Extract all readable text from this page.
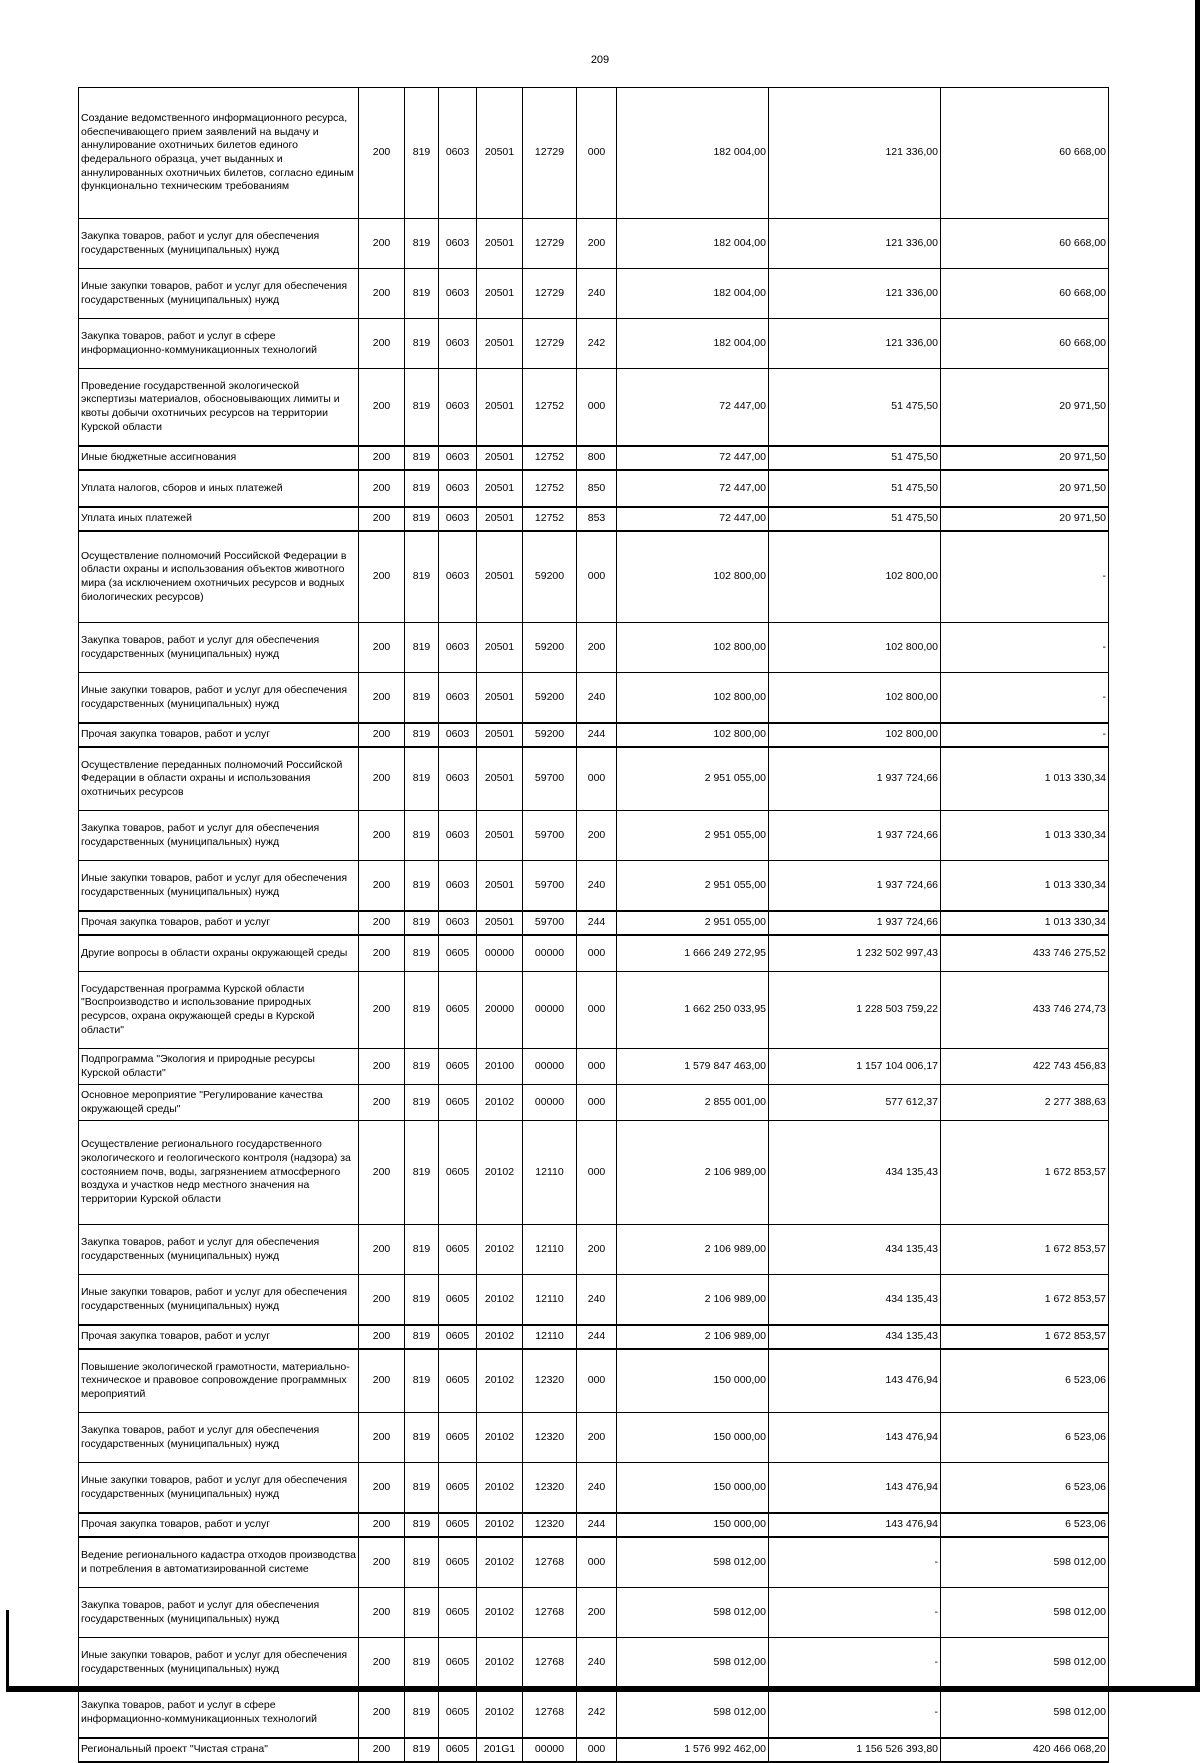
209
Создание ведомственного информационного ресурса, обеспечивающего прием заявлений на выдачу и аннулирование охотничьих билетов единого федерального образца, учет выданных и аннулированных охотничьих билетов, согласно единым функционально техническим требованиям	200	819	0603	20501	12729	000	182 004,00	121 336,00	60 668,00
Закупка товаров, работ и услуг для обеспечения государственных (муниципальных) нужд	200	819	0603	20501	12729	200	182 004,00	121 336,00	60 668,00
Иные закупки товаров, работ и услуг для обеспечения государственных (муниципальных) нужд	200	819	0603	20501	12729	240	182 004,00	121 336,00	60 668,00
Закупка товаров, работ и услуг в сфере информационно-коммуникационных технологий	200	819	0603	20501	12729	242	182 004,00	121 336,00	60 668,00
Проведение государственной экологической экспертизы материалов, обосновывающих лимиты и квоты добычи охотничьих ресурсов на территории Курской области	200	819	0603	20501	12752	000	72 447,00	51 475,50	20 971,50
Иные бюджетные ассигнования	200	819	0603	20501	12752	800	72 447,00	51 475,50	20 971,50
Уплата налогов, сборов и иных платежей	200	819	0603	20501	12752	850	72 447,00	51 475,50	20 971,50
Уплата иных платежей	200	819	0603	20501	12752	853	72 447,00	51 475,50	20 971,50
Осуществление полномочий Российской Федерации в области охраны и использования объектов животного мира (за исключением охотничьих ресурсов и водных биологических ресурсов)	200	819	0603	20501	59200	000	102 800,00	102 800,00	-
Закупка товаров, работ и услуг для обеспечения государственных (муниципальных) нужд	200	819	0603	20501	59200	200	102 800,00	102 800,00	-
Иные закупки товаров, работ и услуг для обеспечения государственных (муниципальных) нужд	200	819	0603	20501	59200	240	102 800,00	102 800,00	-
Прочая закупка товаров, работ и услуг	200	819	0603	20501	59200	244	102 800,00	102 800,00	-
Осуществление переданных полномочий Российской Федерации в области охраны и использования охотничьих ресурсов	200	819	0603	20501	59700	000	2 951 055,00	1 937 724,66	1 013 330,34
Закупка товаров, работ и услуг для обеспечения государственных (муниципальных) нужд	200	819	0603	20501	59700	200	2 951 055,00	1 937 724,66	1 013 330,34
Иные закупки товаров, работ и услуг для обеспечения государственных (муниципальных) нужд	200	819	0603	20501	59700	240	2 951 055,00	1 937 724,66	1 013 330,34
Прочая закупка товаров, работ и услуг	200	819	0603	20501	59700	244	2 951 055,00	1 937 724,66	1 013 330,34
Другие вопросы в области охраны окружающей среды	200	819	0605	00000	00000	000	1 666 249 272,95	1 232 502 997,43	433 746 275,52
Государственная программа Курской области "Воспроизводство и использование природных ресурсов, охрана окружающей среды в Курской области"	200	819	0605	20000	00000	000	1 662 250 033,95	1 228 503 759,22	433 746 274,73
Подпрограмма "Экология и природные ресурсы Курской области"	200	819	0605	20100	00000	000	1 579 847 463,00	1 157 104 006,17	422 743 456,83
Основное мероприятие "Регулирование качества окружающей среды"	200	819	0605	20102	00000	000	2 855 001,00	577 612,37	2 277 388,63
Осуществление регионального государственного экологического и геологического контроля (надзора) за состоянием почв, воды, загрязнением атмосферного воздуха и участков недр местного значения на территории Курской области	200	819	0605	20102	12110	000	2 106 989,00	434 135,43	1 672 853,57
Закупка товаров, работ и услуг для обеспечения государственных (муниципальных) нужд	200	819	0605	20102	12110	200	2 106 989,00	434 135,43	1 672 853,57
Иные закупки товаров, работ и услуг для обеспечения государственных (муниципальных) нужд	200	819	0605	20102	12110	240	2 106 989,00	434 135,43	1 672 853,57
Прочая закупка товаров, работ и услуг	200	819	0605	20102	12110	244	2 106 989,00	434 135,43	1 672 853,57
Повышение экологической грамотности, материально-техническое и правовое сопровождение программных мероприятий	200	819	0605	20102	12320	000	150 000,00	143 476,94	6 523,06
Закупка товаров, работ и услуг для обеспечения государственных (муниципальных) нужд	200	819	0605	20102	12320	200	150 000,00	143 476,94	6 523,06
Иные закупки товаров, работ и услуг для обеспечения государственных (муниципальных) нужд	200	819	0605	20102	12320	240	150 000,00	143 476,94	6 523,06
Прочая закупка товаров, работ и услуг	200	819	0605	20102	12320	244	150 000,00	143 476,94	6 523,06
Ведение регионального кадастра отходов производства и потребления в автоматизированной системе	200	819	0605	20102	12768	000	598 012,00	-	598 012,00
Закупка товаров, работ и услуг для обеспечения государственных (муниципальных) нужд	200	819	0605	20102	12768	200	598 012,00	-	598 012,00
Иные закупки товаров, работ и услуг для обеспечения государственных (муниципальных) нужд	200	819	0605	20102	12768	240	598 012,00	-	598 012,00
Закупка товаров, работ и услуг в сфере информационно-коммуникационных технологий	200	819	0605	20102	12768	242	598 012,00	-	598 012,00
Региональный проект "Чистая страна"	200	819	0605	201G1	00000	000	1 576 992 462,00	1 156 526 393,80	420 466 068,20
